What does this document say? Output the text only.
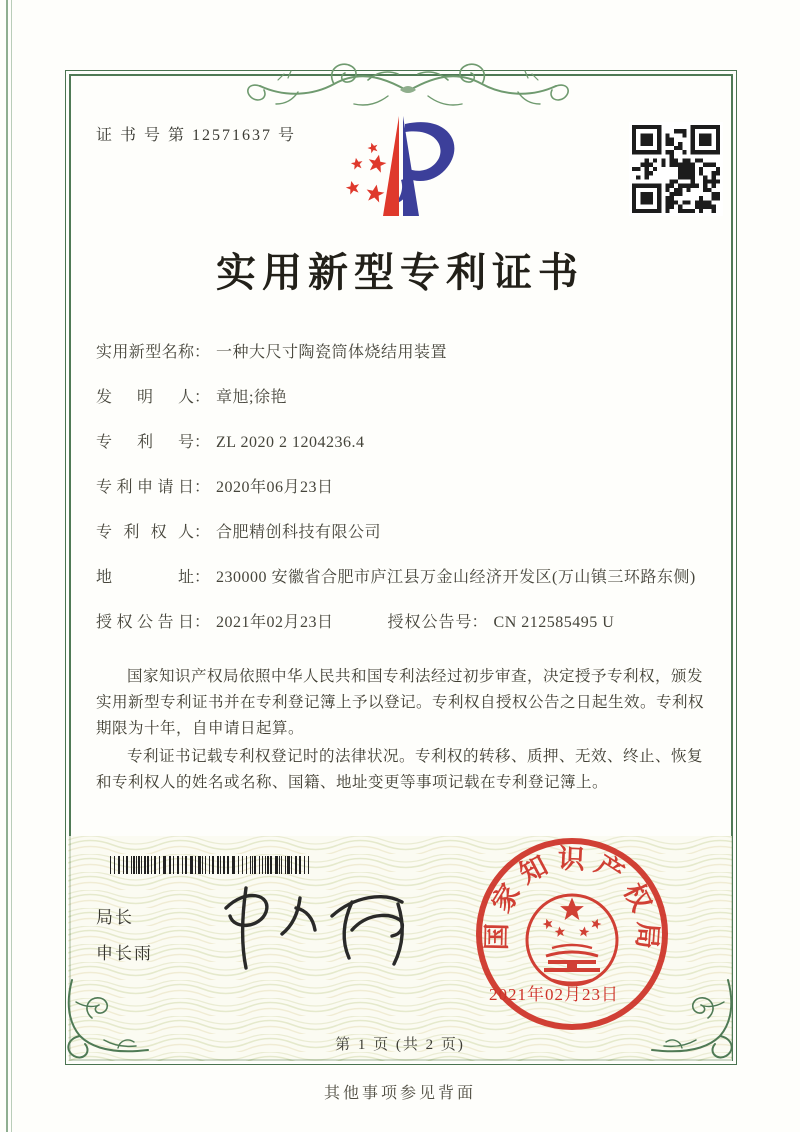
证 书 号 第 12571637 号
实用新型专利证书
实用新型名称： 一种大尺寸陶瓷筒体烧结用装置
发明人： 章旭;徐艳
专利号： ZL 2020 2 1204236.4
专利申请日： 2020年06月23日
专利权人： 合肥精创科技有限公司
地址： 230000 安徽省合肥市庐江县万金山经济开发区(万山镇三环路东侧)
授权公告日： 2021年02月23日	授权公告号： CN 212585495 U

国家知识产权局依照中华人民共和国专利法经过初步审查，决定授予专利权，颁发实用新型专利证书并在专利登记簿上予以登记。专利权自授权公告之日起生效。专利权期限为十年，自申请日起算。

专利证书记载专利权登记时的法律状况。专利权的转移、质押、无效、终止、恢复和专利权人的姓名或名称、国籍、地址变更等事项记载在专利登记簿上。

局长
申长雨
国家知识产权局
2021年02月23日
第 1 页 (共 2 页)
其他事项参见背面
